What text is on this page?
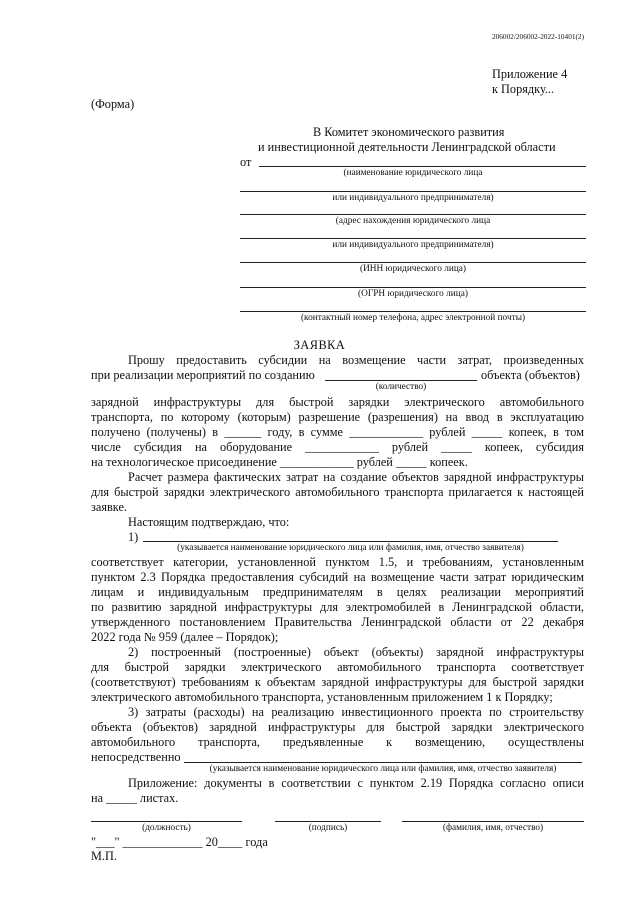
206002/206002-2022-10401(2)
Приложение 4
к Порядку...
(Форма)
В Комитет экономического развития
и инвестиционной деятельности Ленинградской области
от
(наименование юридического лица
или индивидуального предпринимателя)
(адрес нахождения юридического лица
или индивидуального предпринимателя)
(ИНН юридического лица)
(ОГРН юридического лица)
(контактный номер телефона, адрес электронной почты)
ЗАЯВКА
Прошу предоставить субсидии на возмещение части затрат, произведенных
при реализации мероприятий по созданию	объекта (объектов)
(количество)
зарядной инфраструктуры для быстрой зарядки электрического автомобильного
транспорта, по которому (которым) разрешение (разрешения) на ввод в эксплуатацию
получено (получены) в ______ году, в сумме ____________ рублей _____ копеек, в том
числе субсидия на оборудование ____________ рублей _____ копеек, субсидия
на технологическое присоединение ____________ рублей _____ копеек.
Расчет размера фактических затрат на создание объектов зарядной инфраструктуры
для быстрой зарядки электрического автомобильного транспорта прилагается к настоящей
заявке.
Настоящим подтверждаю, что:
1)
(указывается наименование юридического лица или фамилия, имя, отчество заявителя)
соответствует категории, установленной пунктом 1.5, и требованиям, установленным
пунктом 2.3 Порядка предоставления субсидий на возмещение части затрат юридическим
лицам и индивидуальным предпринимателям в целях реализации мероприятий
по развитию зарядной инфраструктуры для электромобилей в Ленинградской области,
утвержденного постановлением Правительства Ленинградской области от 22 декабря
2022 года № 959 (далее – Порядок);
2) построенный (построенные) объект (объекты) зарядной инфраструктуры
для быстрой зарядки электрического автомобильного транспорта соответствует
(соответствуют) требованиям к объектам зарядной инфраструктуры для быстрой зарядки
электрического автомобильного транспорта, установленным приложением 1 к Порядку;
3) затраты (расходы) на реализацию инвестиционного проекта по строительству
объекта (объектов) зарядной инфраструктуры для быстрой зарядки электрического
автомобильного транспорта, предъявленные к возмещению, осуществлены
непосредственно
(указывается наименование юридического лица или фамилия, имя, отчество заявителя)
Приложение: документы в соответствии с пунктом 2.19 Порядка согласно описи
на _____ листах.
(должность)	(подпись)	(фамилия, имя, отчество)
"___" _____________ 20____ года
М.П.
